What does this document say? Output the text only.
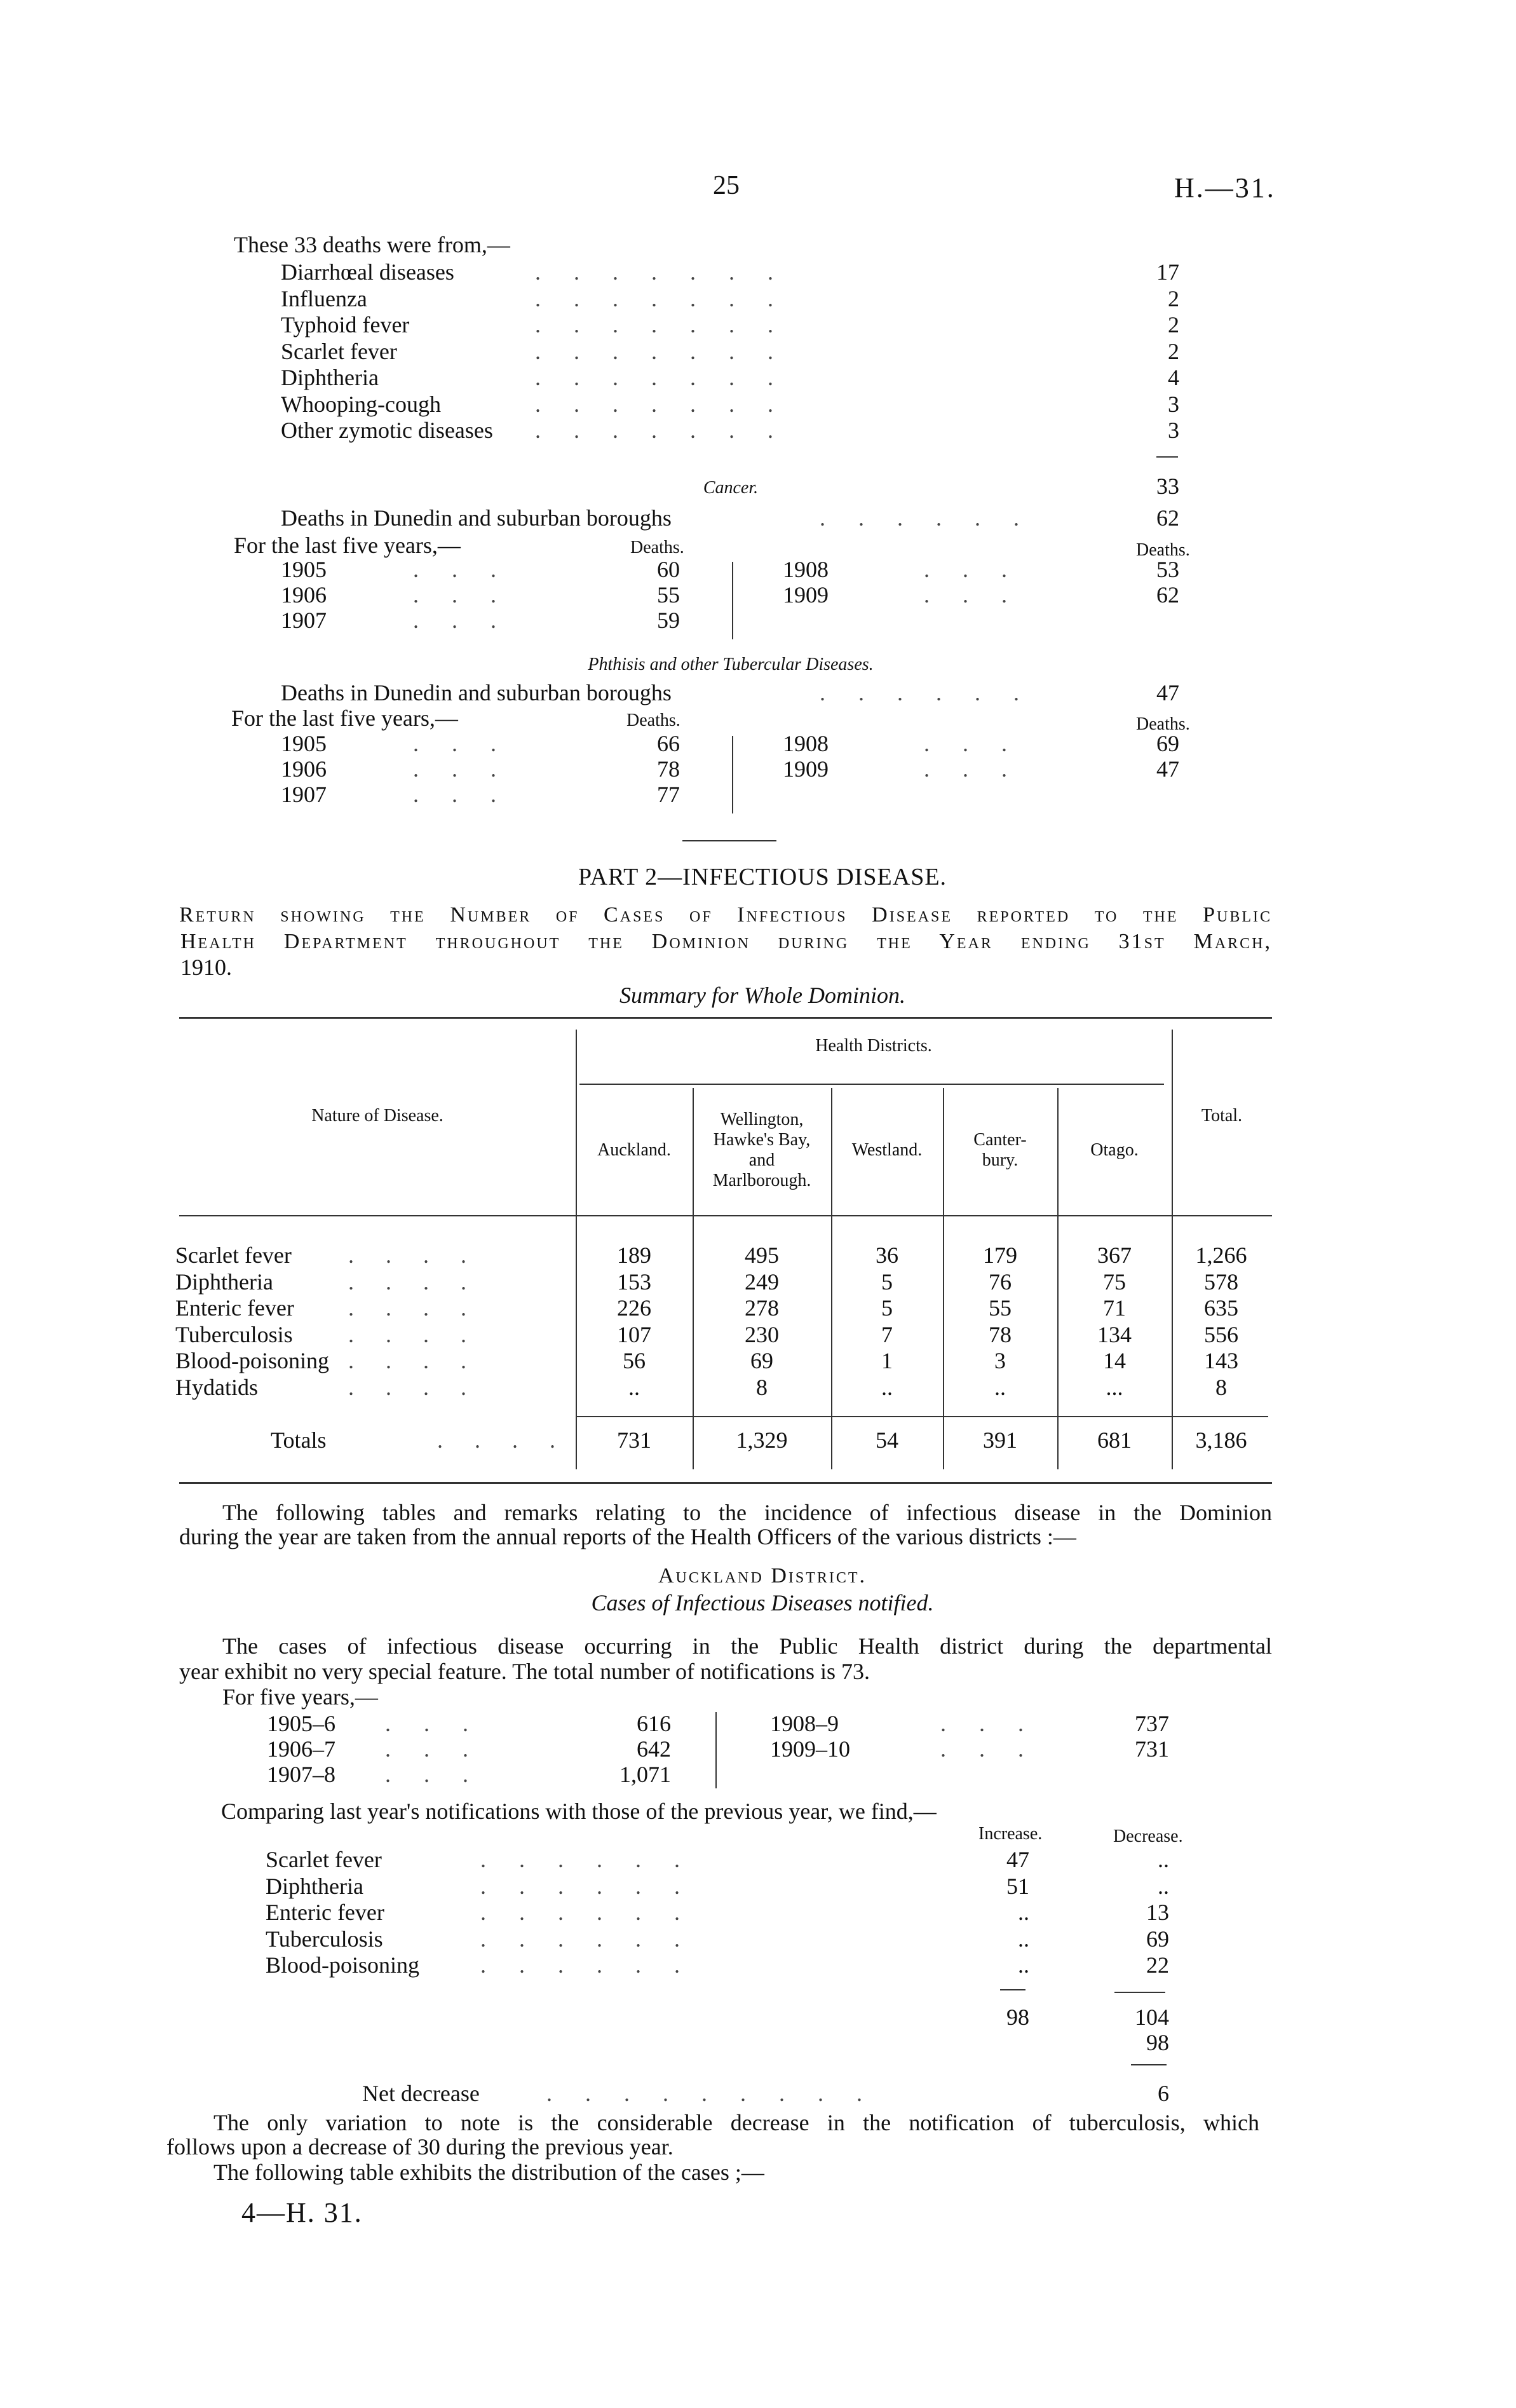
25	H.—31.
These 33 deaths were from,—
Diarrhœal diseases	.......	17
Influenza	.......	2
Typhoid fever	.......	2
Scarlet fever	.......	2
Diphtheria	.......	4
Whooping-cough	.......	3
Other zymotic diseases .......	3
33
Cancer.
Deaths in Dunedin and suburban boroughs	......	62
For the last five years,—	Deaths.	Deaths.
1905	...	60
1906	...	55
1907	...	59
1908	...	53
1909	...	62
Phthisis and other Tubercular Diseases.
Deaths in Dunedin and suburban boroughs	......	47
For the last five years,—	Deaths.	Deaths.
1905	...	66
1906	...	78
1907	...	77
1908	...	69
1909	...	47
PART 2—INFECTIOUS DISEASE.
Return showing the Number of Cases of Infectious Disease reported to the Public
Health Department throughout the Dominion during the Year ending 31st March,
1910.
Summary for Whole Dominion.
Health Districts.
Nature of Disease.	Total.
Auckland.
Wellington,
Hawke's Bay,
and
Marlborough.
Westland.
Canter-
bury.
Otago.
Scarlet fever ....	189	495	36	179	367	1,266
Diphtheria	....	153	249	5	76	75	578
Enteric fever ....	226	278	5	55	71	635
Tuberculosis ....	107	230	7	78	134	556
Blood-poisoning ....	56	69	1	3	14	143
Hydatids	....	..	8	..	..	...	8
Totals	....	731	1,329	54	391	681	3,186
The following tables and remarks relating to the incidence of infectious disease in the Dominion
during the year are taken from the annual reports of the Health Officers of the various districts :—
Auckland District.
Cases of Infectious Diseases notified.
The cases of infectious disease occurring in the Public Health district during the departmental
year exhibit no very special feature. The total number of notifications is 73.
For five years,—
1905–6 ...	616
1906–7 ...	642
1907–8 ...	1,071
1908–9	...	737
1909–10	...	731
Comparing last year's notifications with those of the previous year, we find,—
Increase.	Decrease.
Scarlet fever	......	47	..
Diphtheria	......	51	..
Enteric fever	......	..	13
Tuberculosis	......	..	69
Blood-poisoning	......	..	22
98	104
98
Net decrease	.........	6
The only variation to note is the considerable decrease in the notification of tuberculosis, which
follows upon a decrease of 30 during the previous year.
The following table exhibits the distribution of the cases ;—
4—H. 31.
